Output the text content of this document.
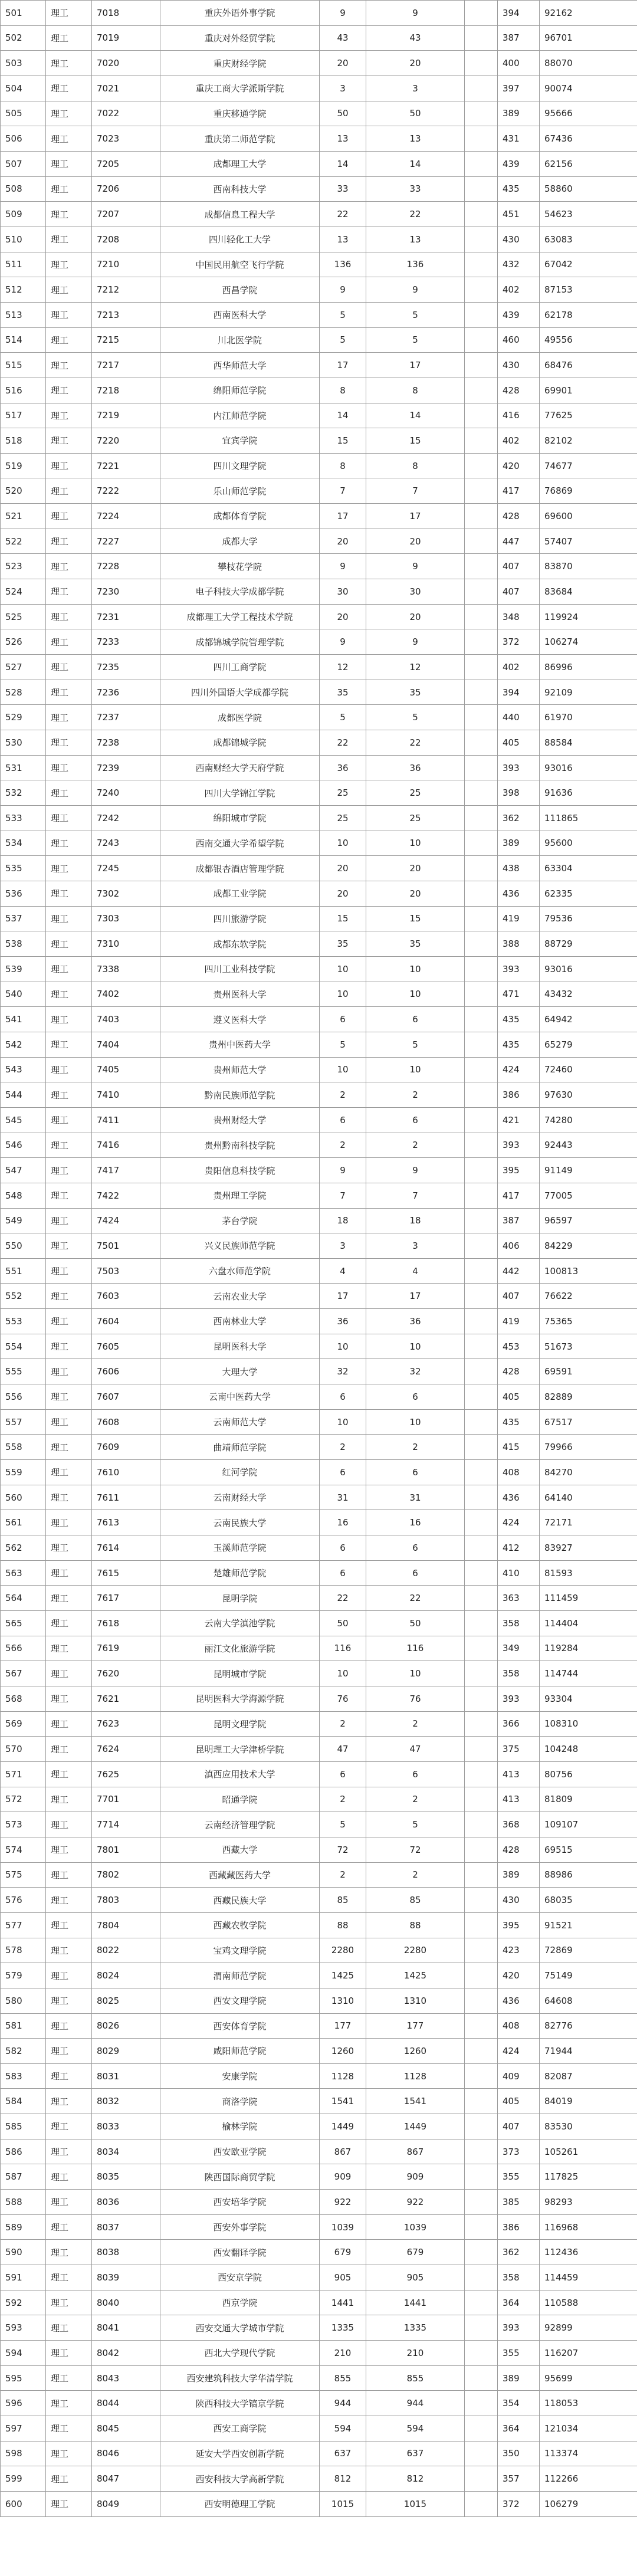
501	理工	7018	重庆外语外事学院	9	9		394	92162
502	理工	7019	重庆对外经贸学院	43	43		387	96701
503	理工	7020	重庆财经学院	20	20		400	88070
504	理工	7021	重庆工商大学派斯学院	3	3		397	90074
505	理工	7022	重庆移通学院	50	50		389	95666
506	理工	7023	重庆第二师范学院	13	13		431	67436
507	理工	7205	成都理工大学	14	14		439	62156
508	理工	7206	西南科技大学	33	33		435	58860
509	理工	7207	成都信息工程大学	22	22		451	54623
510	理工	7208	四川轻化工大学	13	13		430	63083
511	理工	7210	中国民用航空飞行学院	136	136		432	67042
512	理工	7212	西昌学院	9	9		402	87153
513	理工	7213	西南医科大学	5	5		439	62178
514	理工	7215	川北医学院	5	5		460	49556
515	理工	7217	西华师范大学	17	17		430	68476
516	理工	7218	绵阳师范学院	8	8		428	69901
517	理工	7219	内江师范学院	14	14		416	77625
518	理工	7220	宜宾学院	15	15		402	82102
519	理工	7221	四川文理学院	8	8		420	74677
520	理工	7222	乐山师范学院	7	7		417	76869
521	理工	7224	成都体育学院	17	17		428	69600
522	理工	7227	成都大学	20	20		447	57407
523	理工	7228	攀枝花学院	9	9		407	83870
524	理工	7230	电子科技大学成都学院	30	30		407	83684
525	理工	7231	成都理工大学工程技术学院	20	20		348	119924
526	理工	7233	成都锦城学院管理学院	9	9		372	106274
527	理工	7235	四川工商学院	12	12		402	86996
528	理工	7236	四川外国语大学成都学院	35	35		394	92109
529	理工	7237	成都医学院	5	5		440	61970
530	理工	7238	成都锦城学院	22	22		405	88584
531	理工	7239	西南财经大学天府学院	36	36		393	93016
532	理工	7240	四川大学锦江学院	25	25		398	91636
533	理工	7242	绵阳城市学院	25	25		362	111865
534	理工	7243	西南交通大学希望学院	10	10		389	95600
535	理工	7245	成都银杏酒店管理学院	20	20		438	63304
536	理工	7302	成都工业学院	20	20		436	62335
537	理工	7303	四川旅游学院	15	15		419	79536
538	理工	7310	成都东软学院	35	35		388	88729
539	理工	7338	四川工业科技学院	10	10		393	93016
540	理工	7402	贵州医科大学	10	10		471	43432
541	理工	7403	遵义医科大学	6	6		435	64942
542	理工	7404	贵州中医药大学	5	5		435	65279
543	理工	7405	贵州师范大学	10	10		424	72460
544	理工	7410	黔南民族师范学院	2	2		386	97630
545	理工	7411	贵州财经大学	6	6		421	74280
546	理工	7416	贵州黔南科技学院	2	2		393	92443
547	理工	7417	贵阳信息科技学院	9	9		395	91149
548	理工	7422	贵州理工学院	7	7		417	77005
549	理工	7424	茅台学院	18	18		387	96597
550	理工	7501	兴义民族师范学院	3	3		406	84229
551	理工	7503	六盘水师范学院	4	4		442	100813
552	理工	7603	云南农业大学	17	17		407	76622
553	理工	7604	西南林业大学	36	36		419	75365
554	理工	7605	昆明医科大学	10	10		453	51673
555	理工	7606	大理大学	32	32		428	69591
556	理工	7607	云南中医药大学	6	6		405	82889
557	理工	7608	云南师范大学	10	10		435	67517
558	理工	7609	曲靖师范学院	2	2		415	79966
559	理工	7610	红河学院	6	6		408	84270
560	理工	7611	云南财经大学	31	31		436	64140
561	理工	7613	云南民族大学	16	16		424	72171
562	理工	7614	玉溪师范学院	6	6		412	83927
563	理工	7615	楚雄师范学院	6	6		410	81593
564	理工	7617	昆明学院	22	22		363	111459
565	理工	7618	云南大学滇池学院	50	50		358	114404
566	理工	7619	丽江文化旅游学院	116	116		349	119284
567	理工	7620	昆明城市学院	10	10		358	114744
568	理工	7621	昆明医科大学海源学院	76	76		393	93304
569	理工	7623	昆明文理学院	2	2		366	108310
570	理工	7624	昆明理工大学津桥学院	47	47		375	104248
571	理工	7625	滇西应用技术大学	6	6		413	80756
572	理工	7701	昭通学院	2	2		413	81809
573	理工	7714	云南经济管理学院	5	5		368	109107
574	理工	7801	西藏大学	72	72		428	69515
575	理工	7802	西藏藏医药大学	2	2		389	88986
576	理工	7803	西藏民族大学	85	85		430	68035
577	理工	7804	西藏农牧学院	88	88		395	91521
578	理工	8022	宝鸡文理学院	2280	2280		423	72869
579	理工	8024	渭南师范学院	1425	1425		420	75149
580	理工	8025	西安文理学院	1310	1310		436	64608
581	理工	8026	西安体育学院	177	177		408	82776
582	理工	8029	咸阳师范学院	1260	1260		424	71944
583	理工	8031	安康学院	1128	1128		409	82087
584	理工	8032	商洛学院	1541	1541		405	84019
585	理工	8033	榆林学院	1449	1449		407	83530
586	理工	8034	西安欧亚学院	867	867		373	105261
587	理工	8035	陕西国际商贸学院	909	909		355	117825
588	理工	8036	西安培华学院	922	922		385	98293
589	理工	8037	西安外事学院	1039	1039		386	116968
590	理工	8038	西安翻译学院	679	679		362	112436
591	理工	8039	西安京学院	905	905		358	114459
592	理工	8040	西京学院	1441	1441		364	110588
593	理工	8041	西安交通大学城市学院	1335	1335		393	92899
594	理工	8042	西北大学现代学院	210	210		355	116207
595	理工	8043	西安建筑科技大学华清学院	855	855		389	95699
596	理工	8044	陕西科技大学镐京学院	944	944		354	118053
597	理工	8045	西安工商学院	594	594		364	121034
598	理工	8046	延安大学西安创新学院	637	637		350	113374
599	理工	8047	西安科技大学高新学院	812	812		357	112266
600	理工	8049	西安明德理工学院	1015	1015		372	106279
